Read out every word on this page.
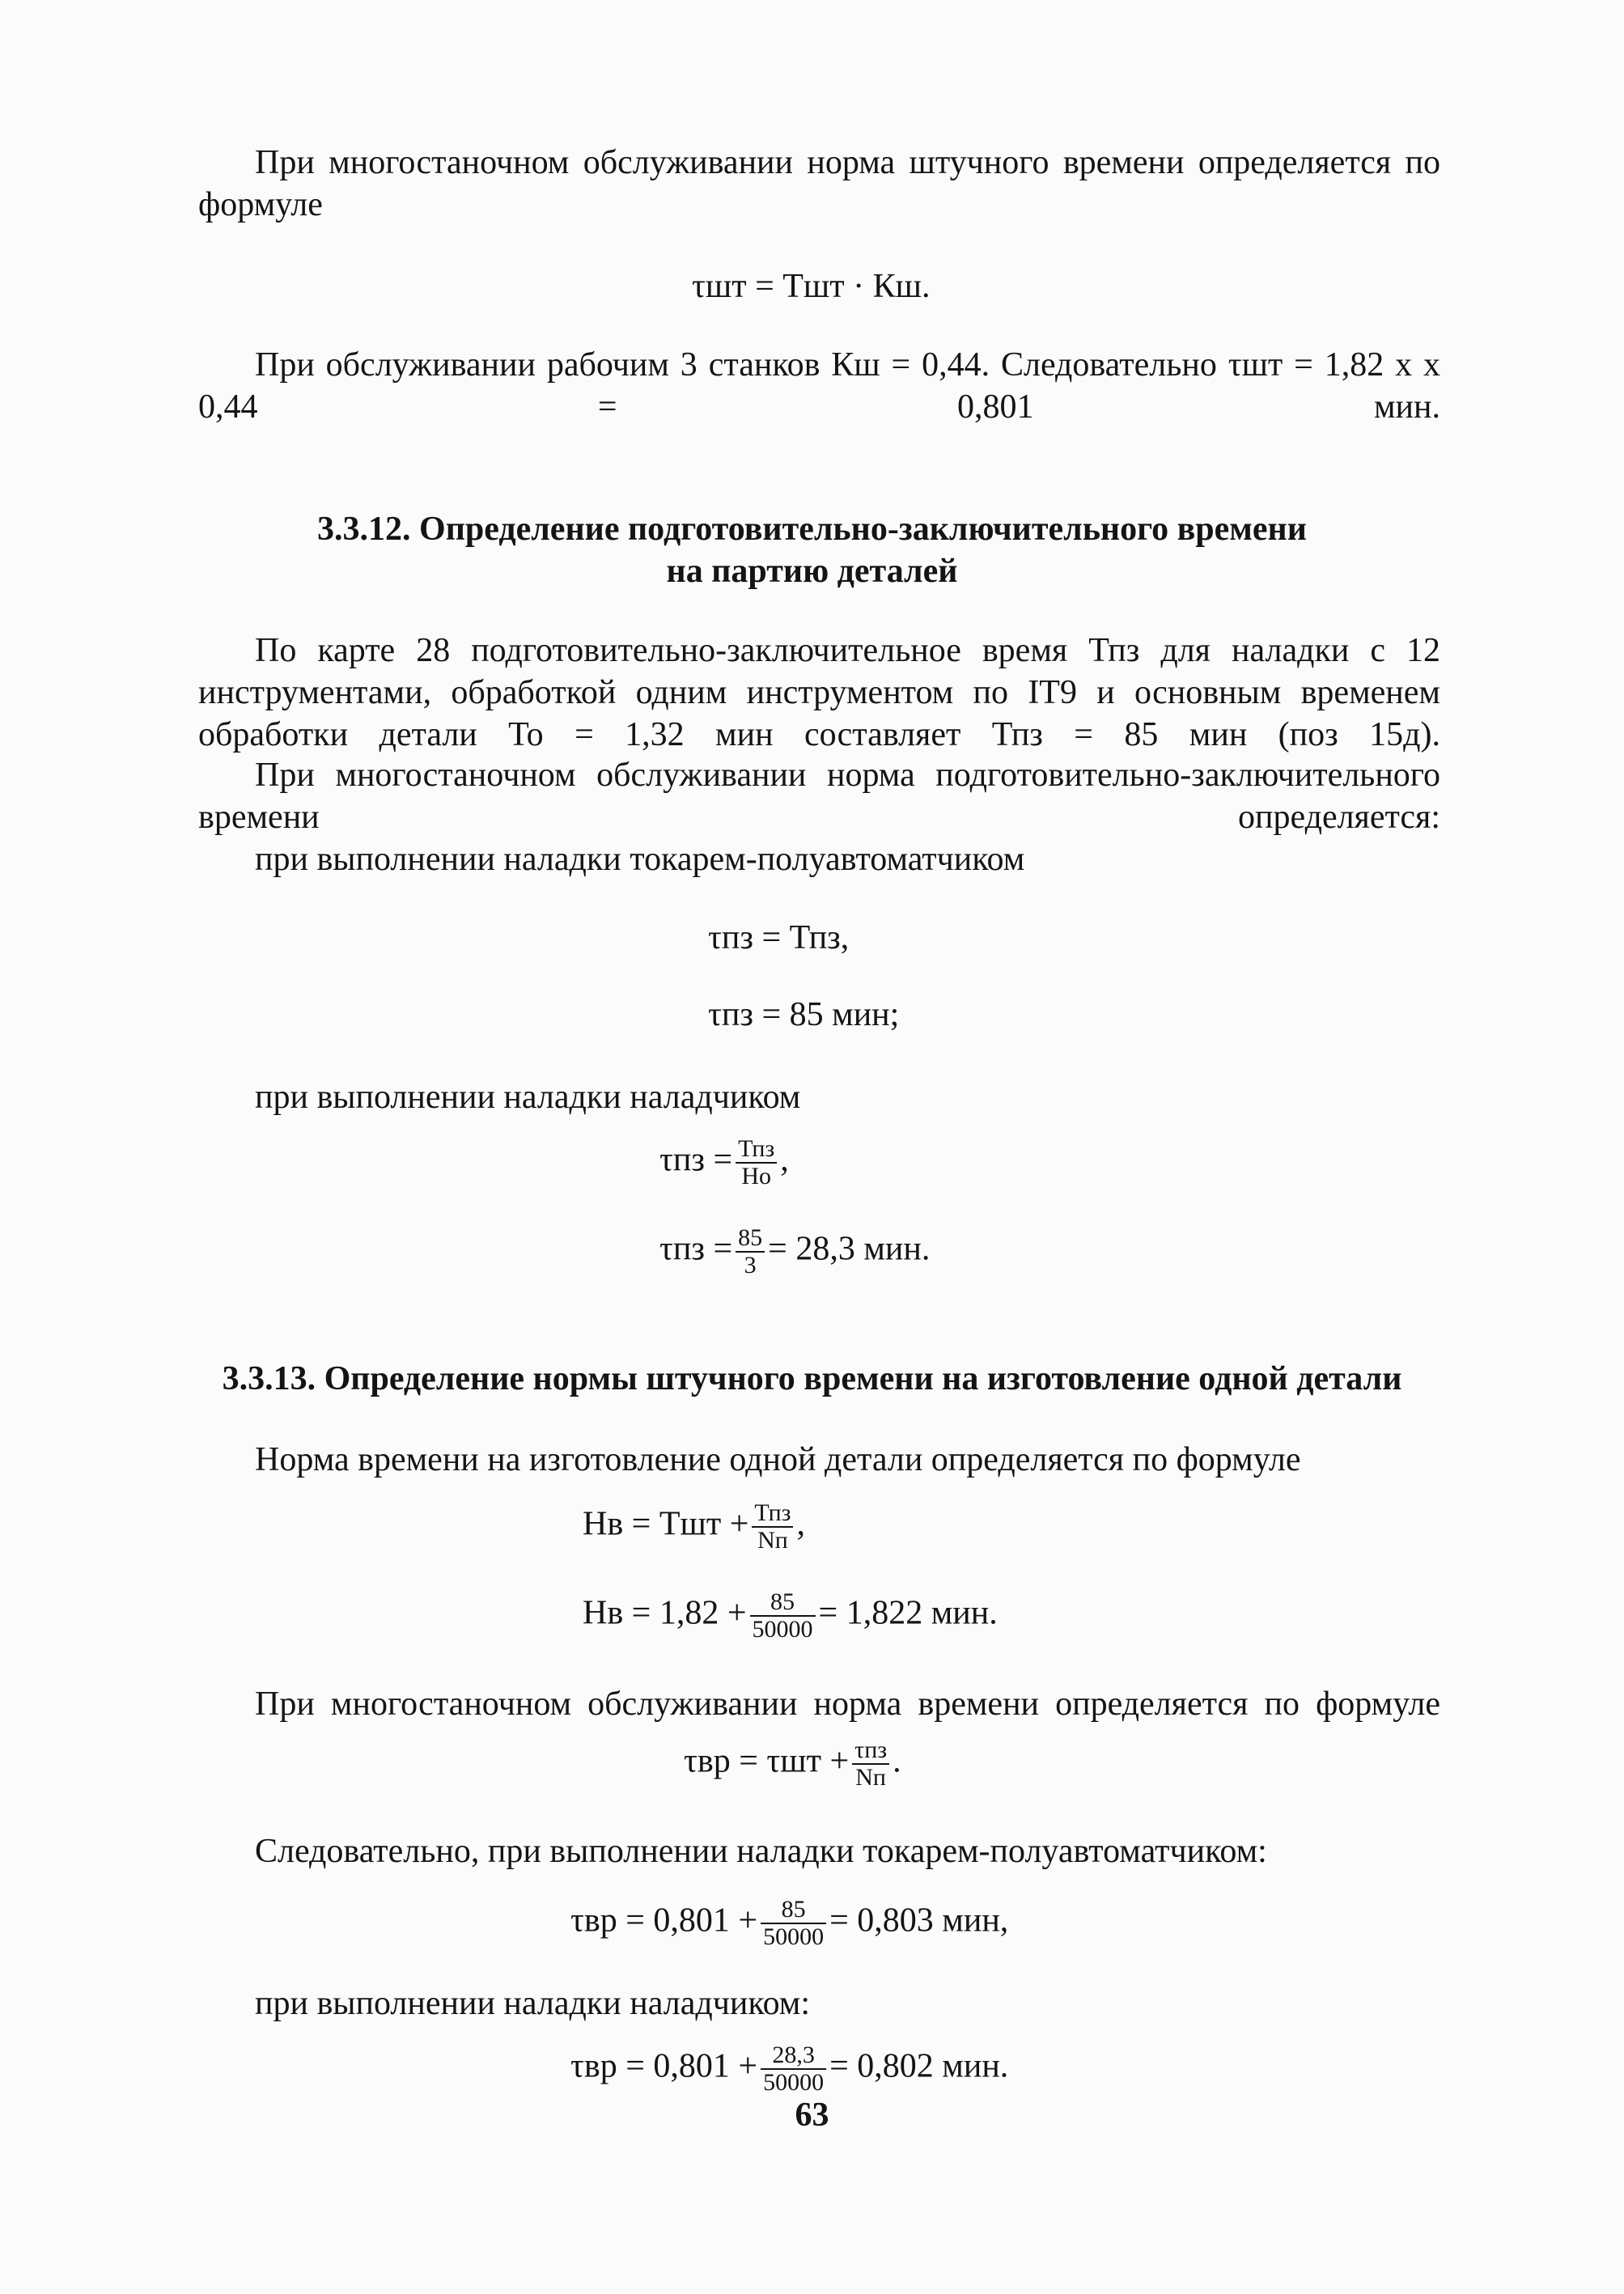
При многостаночном обслуживании норма штучного времени определяется по формуле

τшт = Тшт · Кш.

При обслуживании рабочим 3 станков Кш = 0,44. Следовательно τшт = 1,82 х х 0,44 = 0,801 мин.

3.3.12. Определение подготовительно-заключительного времени
на партию деталей

По карте 28 подготовительно-заключительное время Тпз для наладки с 12 инструментами, обработкой одним инструментом по IT9 и основным временем обработки детали То = 1,32 мин составляет Тпз = 85 мин (поз 15д).

При многостаночном обслуживании норма подготовительно-заключительного времени определяется:

при выполнении наладки токарем-полуавтоматчиком

τпз = Тпз,
τпз = 85 мин;

при выполнении наладки наладчиком

$\tau пз = \frac{\text{Тпз}}{Но}$ ,
$\tau пз = \frac{85}{3} = 28,3$ мин.
3.3.13. Определение нормы штучного времени на изготовление одной детали

Норма времени на изготовление одной детали определяется по формуле

Нв = Тшт + $\frac{\text{Тпз}}{Nп}$ ,
Нв = $1,82 + \frac{85}{50000} = 1,822$ мин.

При многостаночном обслуживании норма времени определяется по формуле

$\tau вр = \tau шт + \frac{\text{τпз}}{Nп}$ .

Следовательно, при выполнении наладки токарем-полуавтоматчиком:

$\tau вр = 0,801 + \frac{85}{50000} = 0,803$ мин,

при выполнении наладки наладчиком:

$\tau вр = 0,801 + \frac{28,3}{50000} = 0,802$ мин.
63
